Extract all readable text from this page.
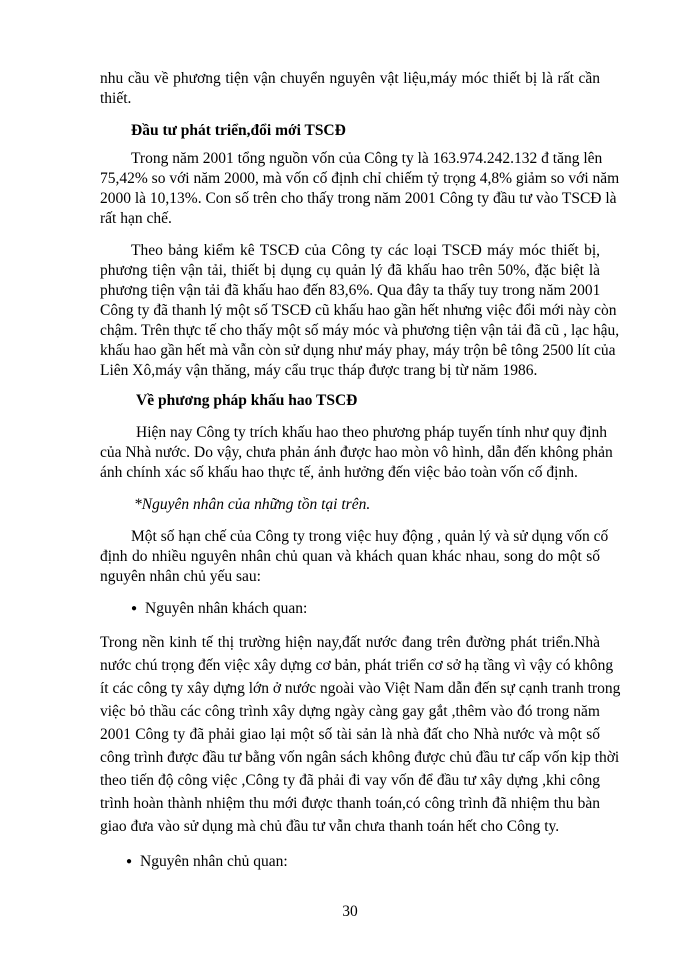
nhu cầu về phương tiện vận chuyển nguyên vật liệu,máy móc thiết bị là rất cần
thiết.
Đầu tư phát triển,đổi mới TSCĐ
Trong năm 2001 tổng nguồn vốn của Công ty là 163.974.242.132 đ tăng lên
75,42% so với năm 2000, mà vốn cố định chỉ chiếm tỷ trọng 4,8% giảm so với năm
2000 là 10,13%. Con số trên cho thấy trong năm 2001 Công ty đầu tư vào TSCĐ là
rất hạn chế.
Theo bảng kiểm kê TSCĐ của Công ty các loại TSCĐ máy móc thiết bị,
phương tiện vận tải, thiết bị dụng cụ quản lý đã khấu hao trên 50%, đặc biệt là
phương tiện vận tải đã khấu hao đến 83,6%. Qua đây ta thấy tuy trong năm 2001
Công ty đã thanh lý một số TSCĐ cũ khấu hao gần hết nhưng việc đổi mới này còn
chậm. Trên thực tế cho thấy một số máy móc và phương tiện vận tải đã cũ , lạc hậu,
khấu hao gần hết mà vẫn còn sử dụng như máy phay, máy trộn bê tông 2500 lít của
Liên Xô,máy vận thăng, máy cẩu trục tháp được trang bị từ năm 1986.
Về phương pháp khấu hao TSCĐ
Hiện nay Công ty trích khấu hao theo phương pháp tuyến tính như quy định
của Nhà nước. Do vậy, chưa phản ánh được hao mòn vô hình, dẫn đến không phản
ánh chính xác số khấu hao thực tế, ảnh hưởng đến việc bảo toàn vốn cố định.
*Nguyên nhân của những tồn tại trên.
Một số hạn chế của Công ty trong việc huy động , quản lý và sử dụng vốn cố
định do nhiều nguyên nhân chủ quan và khách quan khác nhau, song do một số
nguyên nhân chủ yếu sau:
● Nguyên nhân khách quan:
Trong nền kinh tế thị trường hiện nay,đất nước đang trên đường phát triển.Nhà
nước chú trọng đến việc xây dựng cơ bản, phát triển cơ sở hạ tầng vì vậy có không
ít các công ty xây dựng lớn ở nước ngoài vào Việt Nam dẫn đến sự cạnh tranh trong
việc bỏ thầu các công trình xây dựng ngày càng gay gắt ,thêm vào đó trong năm
2001 Công ty đã phải giao lại một số tài sản là nhà đất cho Nhà nước và một số
công trình được đầu tư bằng vốn ngân sách không được chủ đầu tư cấp vốn kịp thời
theo tiến độ công việc ,Công ty đã phải đi vay vốn để đầu tư xây dựng ,khi công
trình hoàn thành nhiệm thu mới được thanh toán,có công trình đã nhiệm thu bàn
giao đưa vào sử dụng mà chủ đầu tư vẫn chưa thanh toán hết cho Công ty.
● Nguyên nhân chủ quan:
30
